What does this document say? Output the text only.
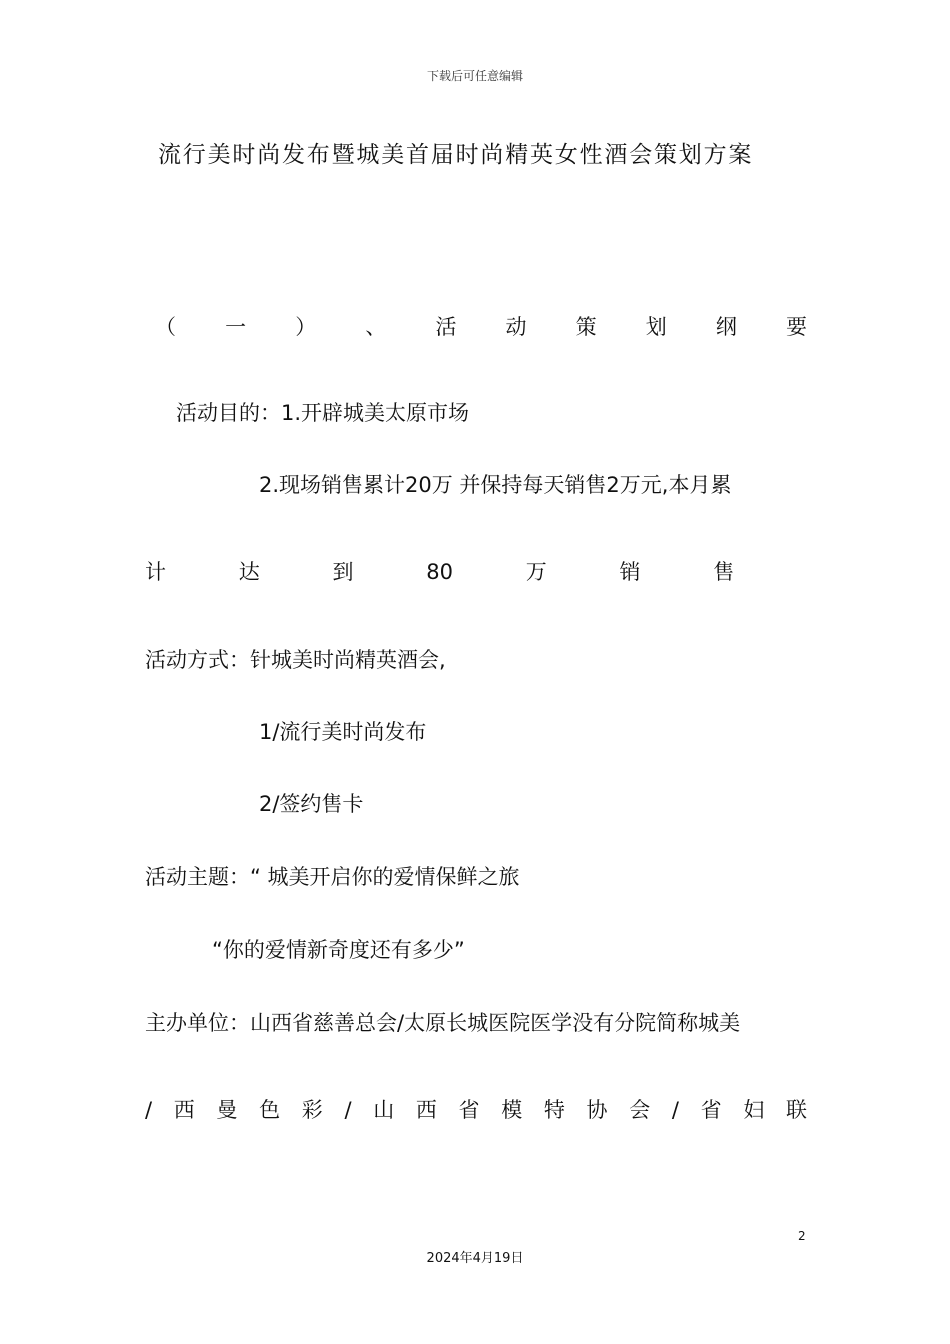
下载后可任意编辑
流行美时尚发布暨城美首届时尚精英女性酒会策划方案
（ 一 ） 、 活 动 策 划 纲 要
活动目的：1.开辟城美太原市场
2.现场销售累计20万 并保持每天销售2万元,本月累
计	达	到	80	万	销	售
活动方式：针城美时尚精英酒会,
1/流行美时尚发布
2/签约售卡
活动主题：“ 城美开启你的爱情保鲜之旅
“你的爱情新奇度还有多少”
主办单位：山西省慈善总会/太原长城医院医学没有分院简称城美
/ 西 曼 色 彩 / 山 西 省 模 特 协 会 / 省 妇 联
2
2024年4月19日
